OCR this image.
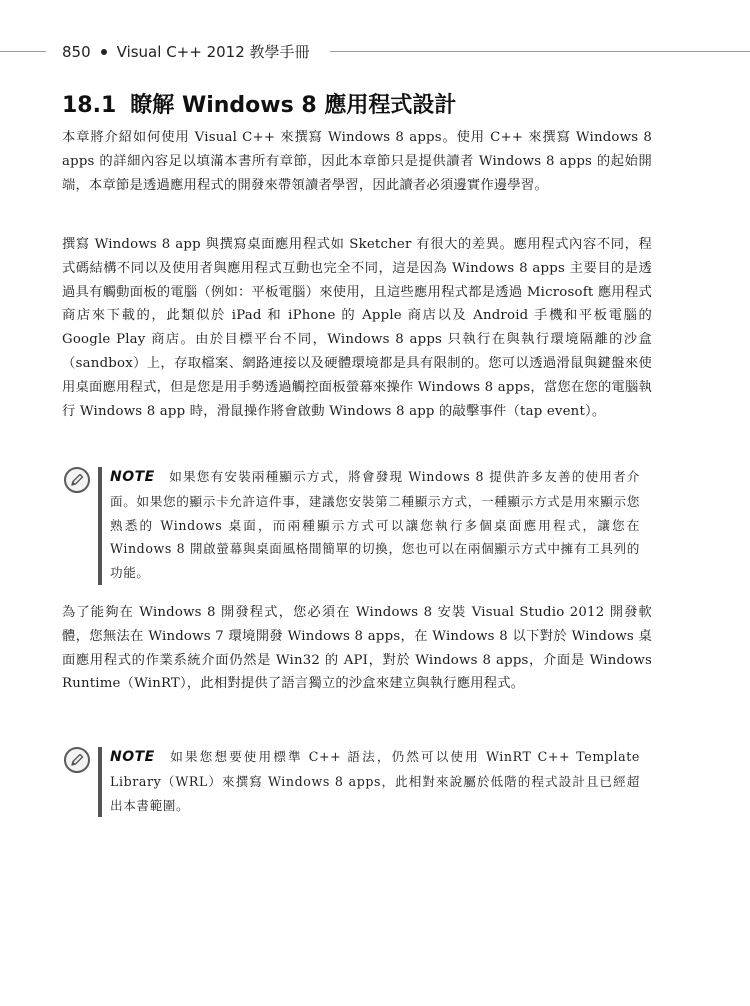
850 Visual C++ 2012 教學手冊
18.1 瞭解 Windows 8 應用程式設計

本章將介紹如何使用 Visual C++ 來撰寫 Windows 8 apps。使用 C++ 來撰寫 Windows 8 apps 的詳細內容足以填滿本書所有章節，因此本章節只是提供讀者 Windows 8 apps 的起始開端，本章節是透過應用程式的開發來帶領讀者學習，因此讀者必須邊實作邊學習。

撰寫 Windows 8 app 與撰寫桌面應用程式如 Sketcher 有很大的差異。應用程式內容不同，程式碼結構不同以及使用者與應用程式互動也完全不同，這是因為 Windows 8 apps 主要目的是透過具有觸動面板的電腦（例如：平板電腦）來使用，且這些應用程式都是透過 Microsoft 應用程式商店來下載的，此類似於 iPad 和 iPhone 的 Apple 商店以及 Android 手機和平板電腦的 Google Play 商店。由於目標平台不同，Windows 8 apps 只執行在與執行環境隔離的沙盒（sandbox）上，存取檔案、網路連接以及硬體環境都是具有限制的。您可以透過滑鼠與鍵盤來使用桌面應用程式，但是您是用手勢透過觸控面板螢幕來操作 Windows 8 apps，當您在您的電腦執行 Windows 8 app 時，滑鼠操作將會啟動 Windows 8 app 的敲擊事件（tap event）。

NOTE 如果您有安裝兩種顯示方式，將會發現 Windows 8 提供許多友善的使用者介面。如果您的顯示卡允許這件事，建議您安裝第二種顯示方式，一種顯示方式是用來顯示您熟悉的 Windows 桌面，而兩種顯示方式可以讓您執行多個桌面應用程式，讓您在 Windows 8 開啟螢幕與桌面風格間簡單的切換，您也可以在兩個顯示方式中擁有工具列的功能。

為了能夠在 Windows 8 開發程式，您必須在 Windows 8 安裝 Visual Studio 2012 開發軟體，您無法在 Windows 7 環境開發 Windows 8 apps，在 Windows 8 以下對於 Windows 桌面應用程式的作業系統介面仍然是 Win32 的 API，對於 Windows 8 apps，介面是 Windows Runtime（WinRT），此相對提供了語言獨立的沙盒來建立與執行應用程式。

NOTE 如果您想要使用標準 C++ 語法，仍然可以使用 WinRT C++ Template Library（WRL）來撰寫 Windows 8 apps，此相對來說屬於低階的程式設計且已經超出本書範圍。
